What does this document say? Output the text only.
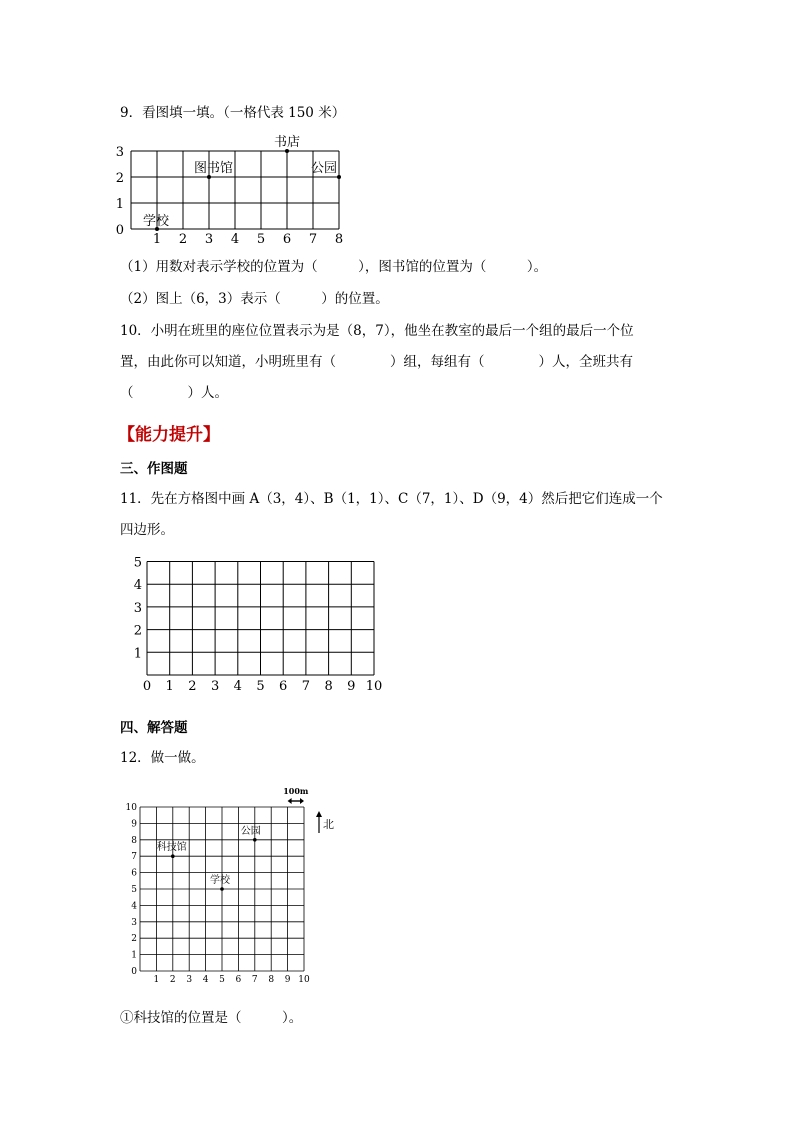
9．看图填一填。（一格代表 150 米）
1 2 3 4 5 6 7 8
0
1
2
3
学校
图书馆
书店
公园
（1）用数对表示学校的位置为（　　　），图书馆的位置为（　　　）。
（2）图上（6，3）表示（　　　）的位置。
10．小明在班里的座位位置表示为是（8，7），他坐在教室的最后一个组的最后一个位
置，由此你可以知道，小明班里有（　　　　）组，每组有（　　　　）人，全班共有
（　　　　）人。
【能力提升】
三、作图题
11．先在方格图中画 A（3，4）、B（1，1）、C（7，1）、D（9，4）然后把它们连成一个
四边形。
0 1 2 3 4 5 6 7 8 9 10
1
2
3
4
5
四、解答题
12．做一做。
1 2 3 4 5 6 7 8 9 10
1
2
3
4
5
6
7
8
9
10
0
科技馆
公园
学校
100m
北
①科技馆的位置是（　　　）。
